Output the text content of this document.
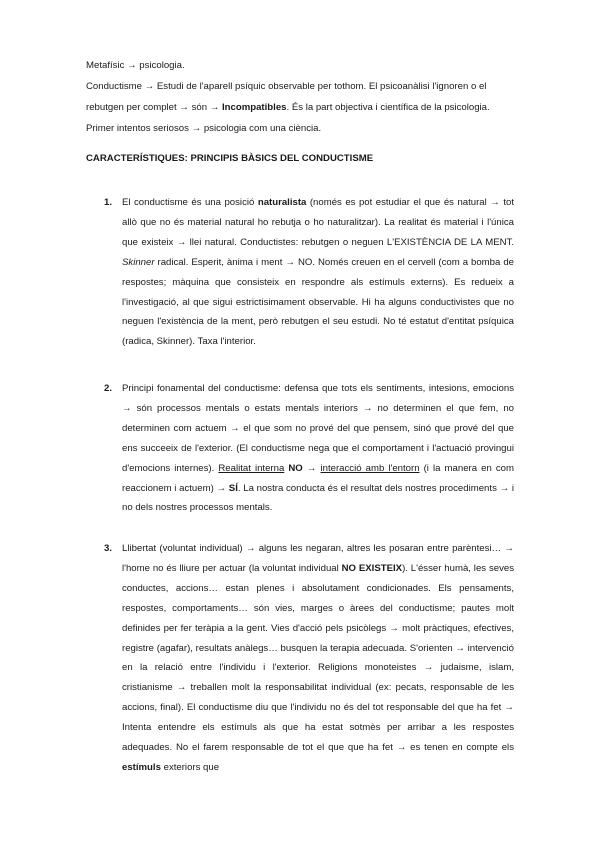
Metafísic → psicologia.
Conductisme → Estudi de l'aparell psíquic observable per tothom. El psicoanàlisi l'ignoren o el
rebutgen per complet → són → Incompatibles. És la part objectiva i científica de la psicologia.
Primer intentos seriosos → psicologia com una ciència.
CARACTERÍSTIQUES: PRINCIPIS BÀSICS DEL CONDUCTISME
1. El conductisme és una posició naturalista (només es pot estudiar el que és natural → tot allò que no és material natural ho rebutja o ho naturalitzar). La realitat és material i l'única que existeix → llei natural. Conductistes: rebutgen o neguen L'EXISTÈNCIA DE LA MENT. Skinner radical. Esperit, ànima i ment → NO. Només creuen en el cervell (com a bomba de respostes; màquina que consisteix en respondre als estímuls externs). Es redueix a l'investigació, al que sigui estrictisimament observable. Hi ha alguns conductivistes que no neguen l'existència de la ment, però rebutgen el seu estudi. No té estatut d'entitat psíquica (radica, Skinner). Taxa l'interior.
2. Principi fonamental del conductisme: defensa que tots els sentiments, intesions, emocions → són processos mentals o estats mentals interiors → no determinen el que fem, no determinen com actuem → el que som no prové del que pensem, sinó que prové del que ens succeeix de l'exterior. (El conductisme nega que el comportament i l'actuació provingui d'emocions internes). Realitat interna NO → interacció amb l'entorn (i la manera en com reaccionem i actuem) → SÍ. La nostra conducta és el resultat dels nostres procediments → i no dels nostres processos mentals.
3. Llibertat (voluntat individual) → alguns les negaran, altres les posaran entre parèntesi… → l'home no és lliure per actuar (la voluntat individual NO EXISTEIX). L'ésser humà, les seves conductes, accions… estan plenes i absolutament condicionades. Els pensaments, respostes, comportaments… són vies, marges o àrees del conductisme; pautes molt definides per fer teràpia a la gent. Vies d'acció pels psicòlegs → molt pràctiques, efectives, registre (agafar), resultats anàlegs… busquen la terapia adecuada. S'orienten → intervenció en la relació entre l'individu i l'exterior. Religions monoteistes → judaisme, islam, cristianisme → treballen molt la responsabilitat individual (ex: pecats, responsable de les accions, final). El conductisme diu que l'individu no és del tot responsable del que ha fet → Intenta entendre els estímuls als que ha estat sotmès per arribar a les respostes adequades. No el farem responsable de tot el que que ha fet → es tenen en compte els estímuls exteriors que
